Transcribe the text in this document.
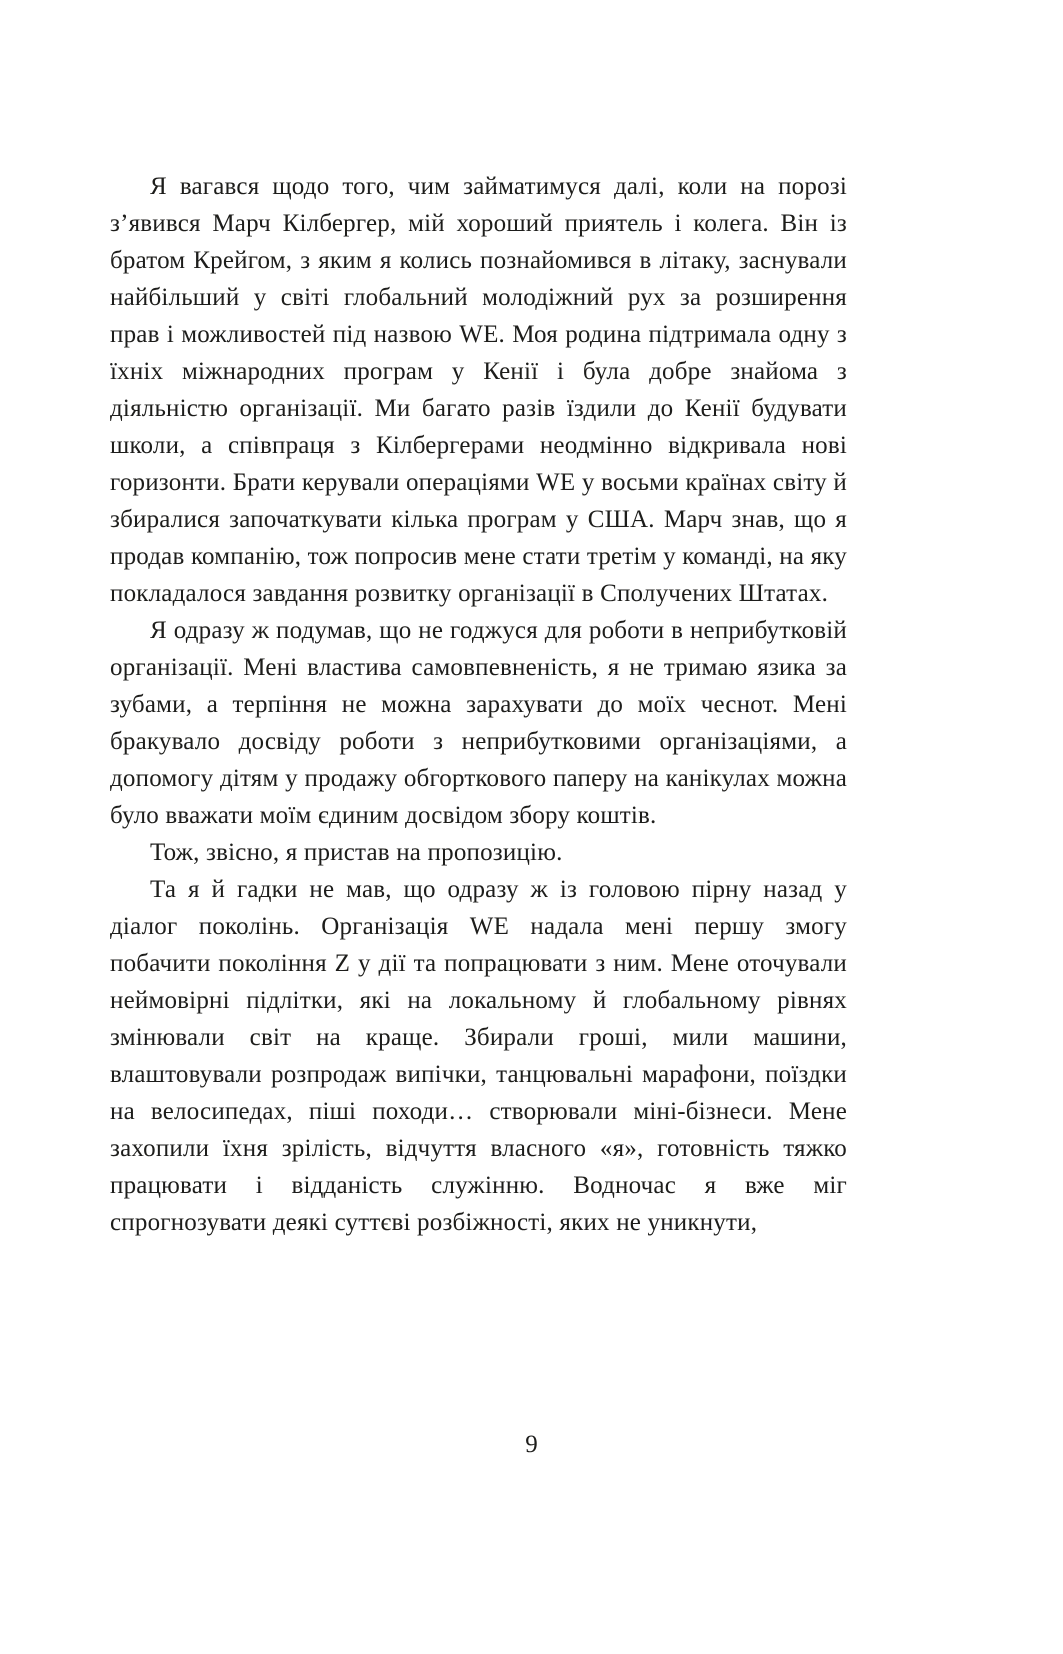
Я вагався щодо того, чим займатимуся далі, коли на порозі з’явився Марч Кілбергер, мій хороший приятель і колега. Він із братом Крейгом, з яким я колись познайомився в літаку, заснували найбільший у світі глобальний молодіжний рух за розширення прав і можливостей під назвою WE. Моя родина підтримала одну з їхніх міжнародних програм у Кенії і була добре знайома з діяльністю організації. Ми багато разів їздили до Кенії будувати школи, а співпраця з Кілбергерами неодмінно відкривала нові горизонти. Брати керували операціями WE у восьми країнах світу й збиралися започаткувати кілька програм у США. Марч знав, що я продав компанію, тож попросив мене стати третім у команді, на яку покладалося завдання розвитку організації в Сполучених Штатах.

Я одразу ж подумав, що не годжуся для роботи в неприбутковій організації. Мені властива самовпевненість, я не тримаю язика за зубами, а терпіння не можна зарахувати до моїх чеснот. Мені бракувало досвіду роботи з неприбутковими організаціями, а допомогу дітям у продажу обгорткового паперу на канікулах можна було вважати моїм єдиним досвідом збору коштів.

Тож, звісно, я пристав на пропозицію.

Та я й гадки не мав, що одразу ж із головою пірну назад у діалог поколінь. Організація WE надала мені першу змогу побачити покоління Z у дії та попрацювати з ним. Мене оточували неймовірні підлітки, які на локальному й глобальному рівнях змінювали світ на краще. Збирали гроші, мили машини, влаштовували розпродаж випічки, танцювальні марафони, поїздки на велосипедах, піші походи… створювали міні-бізнеси. Мене захопили їхня зрілість, відчуття власного «я», готовність тяжко працювати і відданість служінню. Водночас я вже міг спрогнозувати деякі суттєві розбіжності, яких не уникнути,

9
